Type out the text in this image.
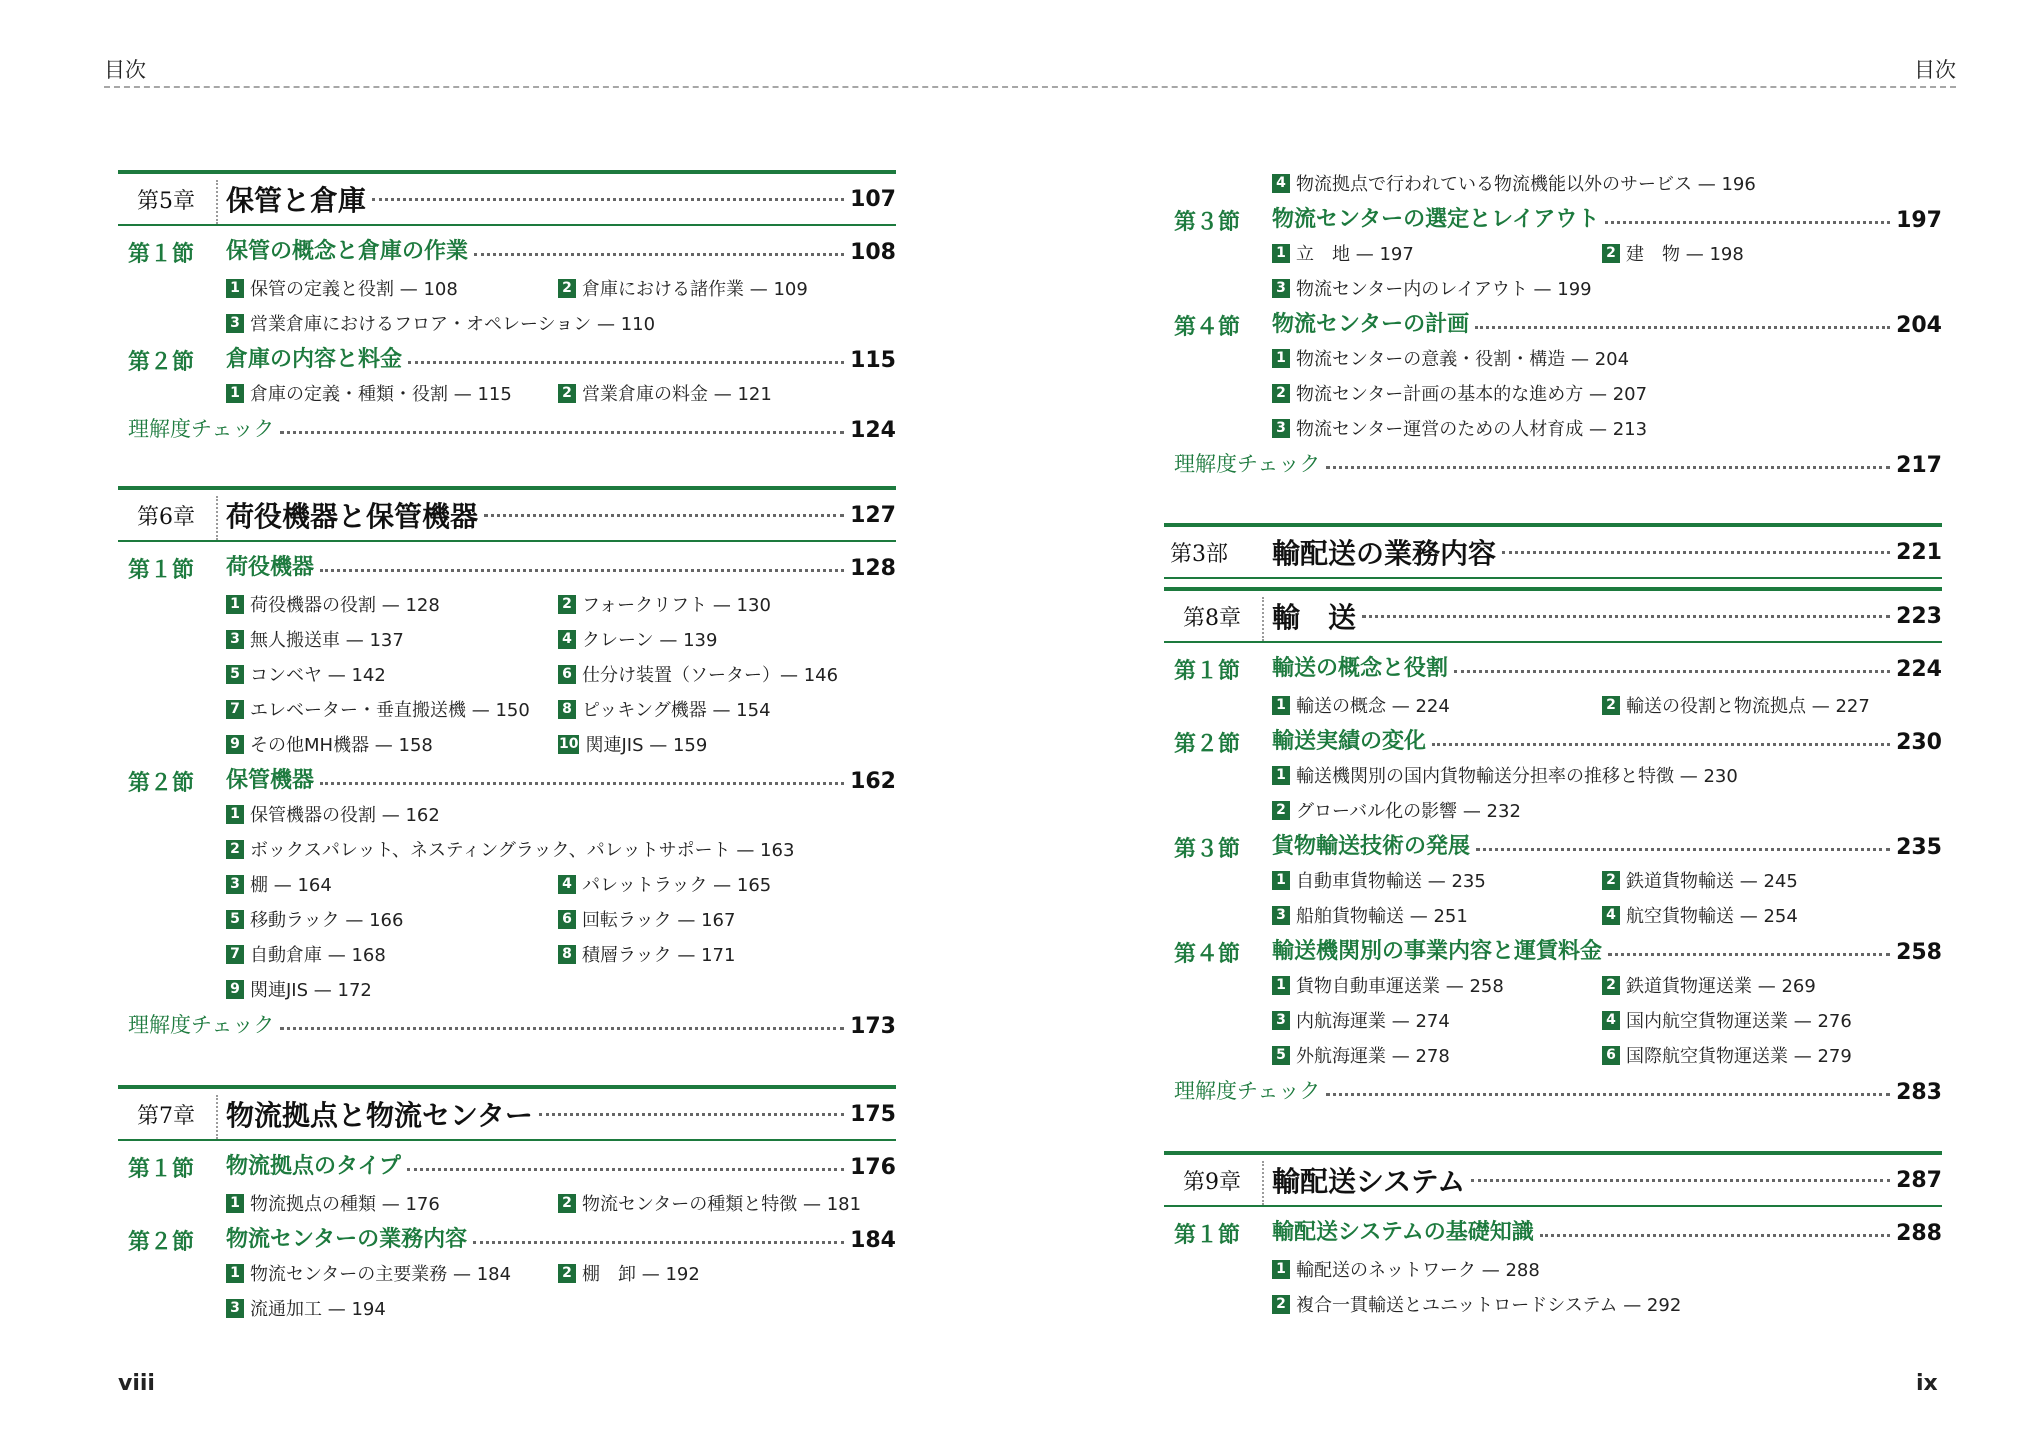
目次	目次
第5章	保管と倉庫	107
第１節 保管の概念と倉庫の作業	108
1 保管の定義と役割 — 108	2 倉庫における諸作業 — 109
3 営業倉庫におけるフロア・オペレーション — 110
第２節 倉庫の内容と料金	115
1 倉庫の定義・種類・役割 — 115	2 営業倉庫の料金 — 121
理解度チェック	124
第6章	荷役機器と保管機器	127
第１節 荷役機器	128
1 荷役機器の役割 — 128	2 フォークリフト — 130
3 無人搬送車 — 137	4 クレーン — 139
5 コンベヤ — 142	6 仕分け装置（ソーター）— 146
7 エレベーター・垂直搬送機 — 150 8 ピッキング機器 — 154
9 その他MH機器 — 158	10 関連JIS — 159
第２節 保管機器	162
1 保管機器の役割 — 162
2 ボックスパレット、ネスティングラック、パレットサポート — 163
3 棚 — 164	4 パレットラック — 165
5 移動ラック — 166	6 回転ラック — 167
7 自動倉庫 — 168	8 積層ラック — 171
9 関連JIS — 172
理解度チェック	173
第7章	物流拠点と物流センター	175
第１節 物流拠点のタイプ	176
1 物流拠点の種類 — 176	2 物流センターの種類と特徴 — 181
第２節 物流センターの業務内容	184
1 物流センターの主要業務 — 184	2 棚　卸 — 192
3 流通加工 — 194
4 物流拠点で行われている物流機能以外のサービス — 196
第３節 物流センターの選定とレイアウト	197
1 立　地 — 197	2 建　物 — 198
3 物流センター内のレイアウト — 199
第４節 物流センターの計画	204
1 物流センターの意義・役割・構造 — 204
2 物流センター計画の基本的な進め方 — 207
3 物流センター運営のための人材育成 — 213
理解度チェック	217
第3部	輸配送の業務内容	221
第8章	輸　送	223
第１節 輸送の概念と役割	224
1 輸送の概念 — 224	2 輸送の役割と物流拠点 — 227
第２節 輸送実績の変化	230
1 輸送機関別の国内貨物輸送分担率の推移と特徴 — 230
2 グローバル化の影響 — 232
第３節 貨物輸送技術の発展	235
1 自動車貨物輸送 — 235	2 鉄道貨物輸送 — 245
3 船舶貨物輸送 — 251	4 航空貨物輸送 — 254
第４節 輸送機関別の事業内容と運賃料金	258
1 貨物自動車運送業 — 258	2 鉄道貨物運送業 — 269
3 内航海運業 — 274	4 国内航空貨物運送業 — 276
5 外航海運業 — 278	6 国際航空貨物運送業 — 279
理解度チェック	283
第9章	輸配送システム	287
第１節 輸配送システムの基礎知識	288
1 輸配送のネットワーク — 288
2 複合一貫輸送とユニットロードシステム — 292
viii	ix
